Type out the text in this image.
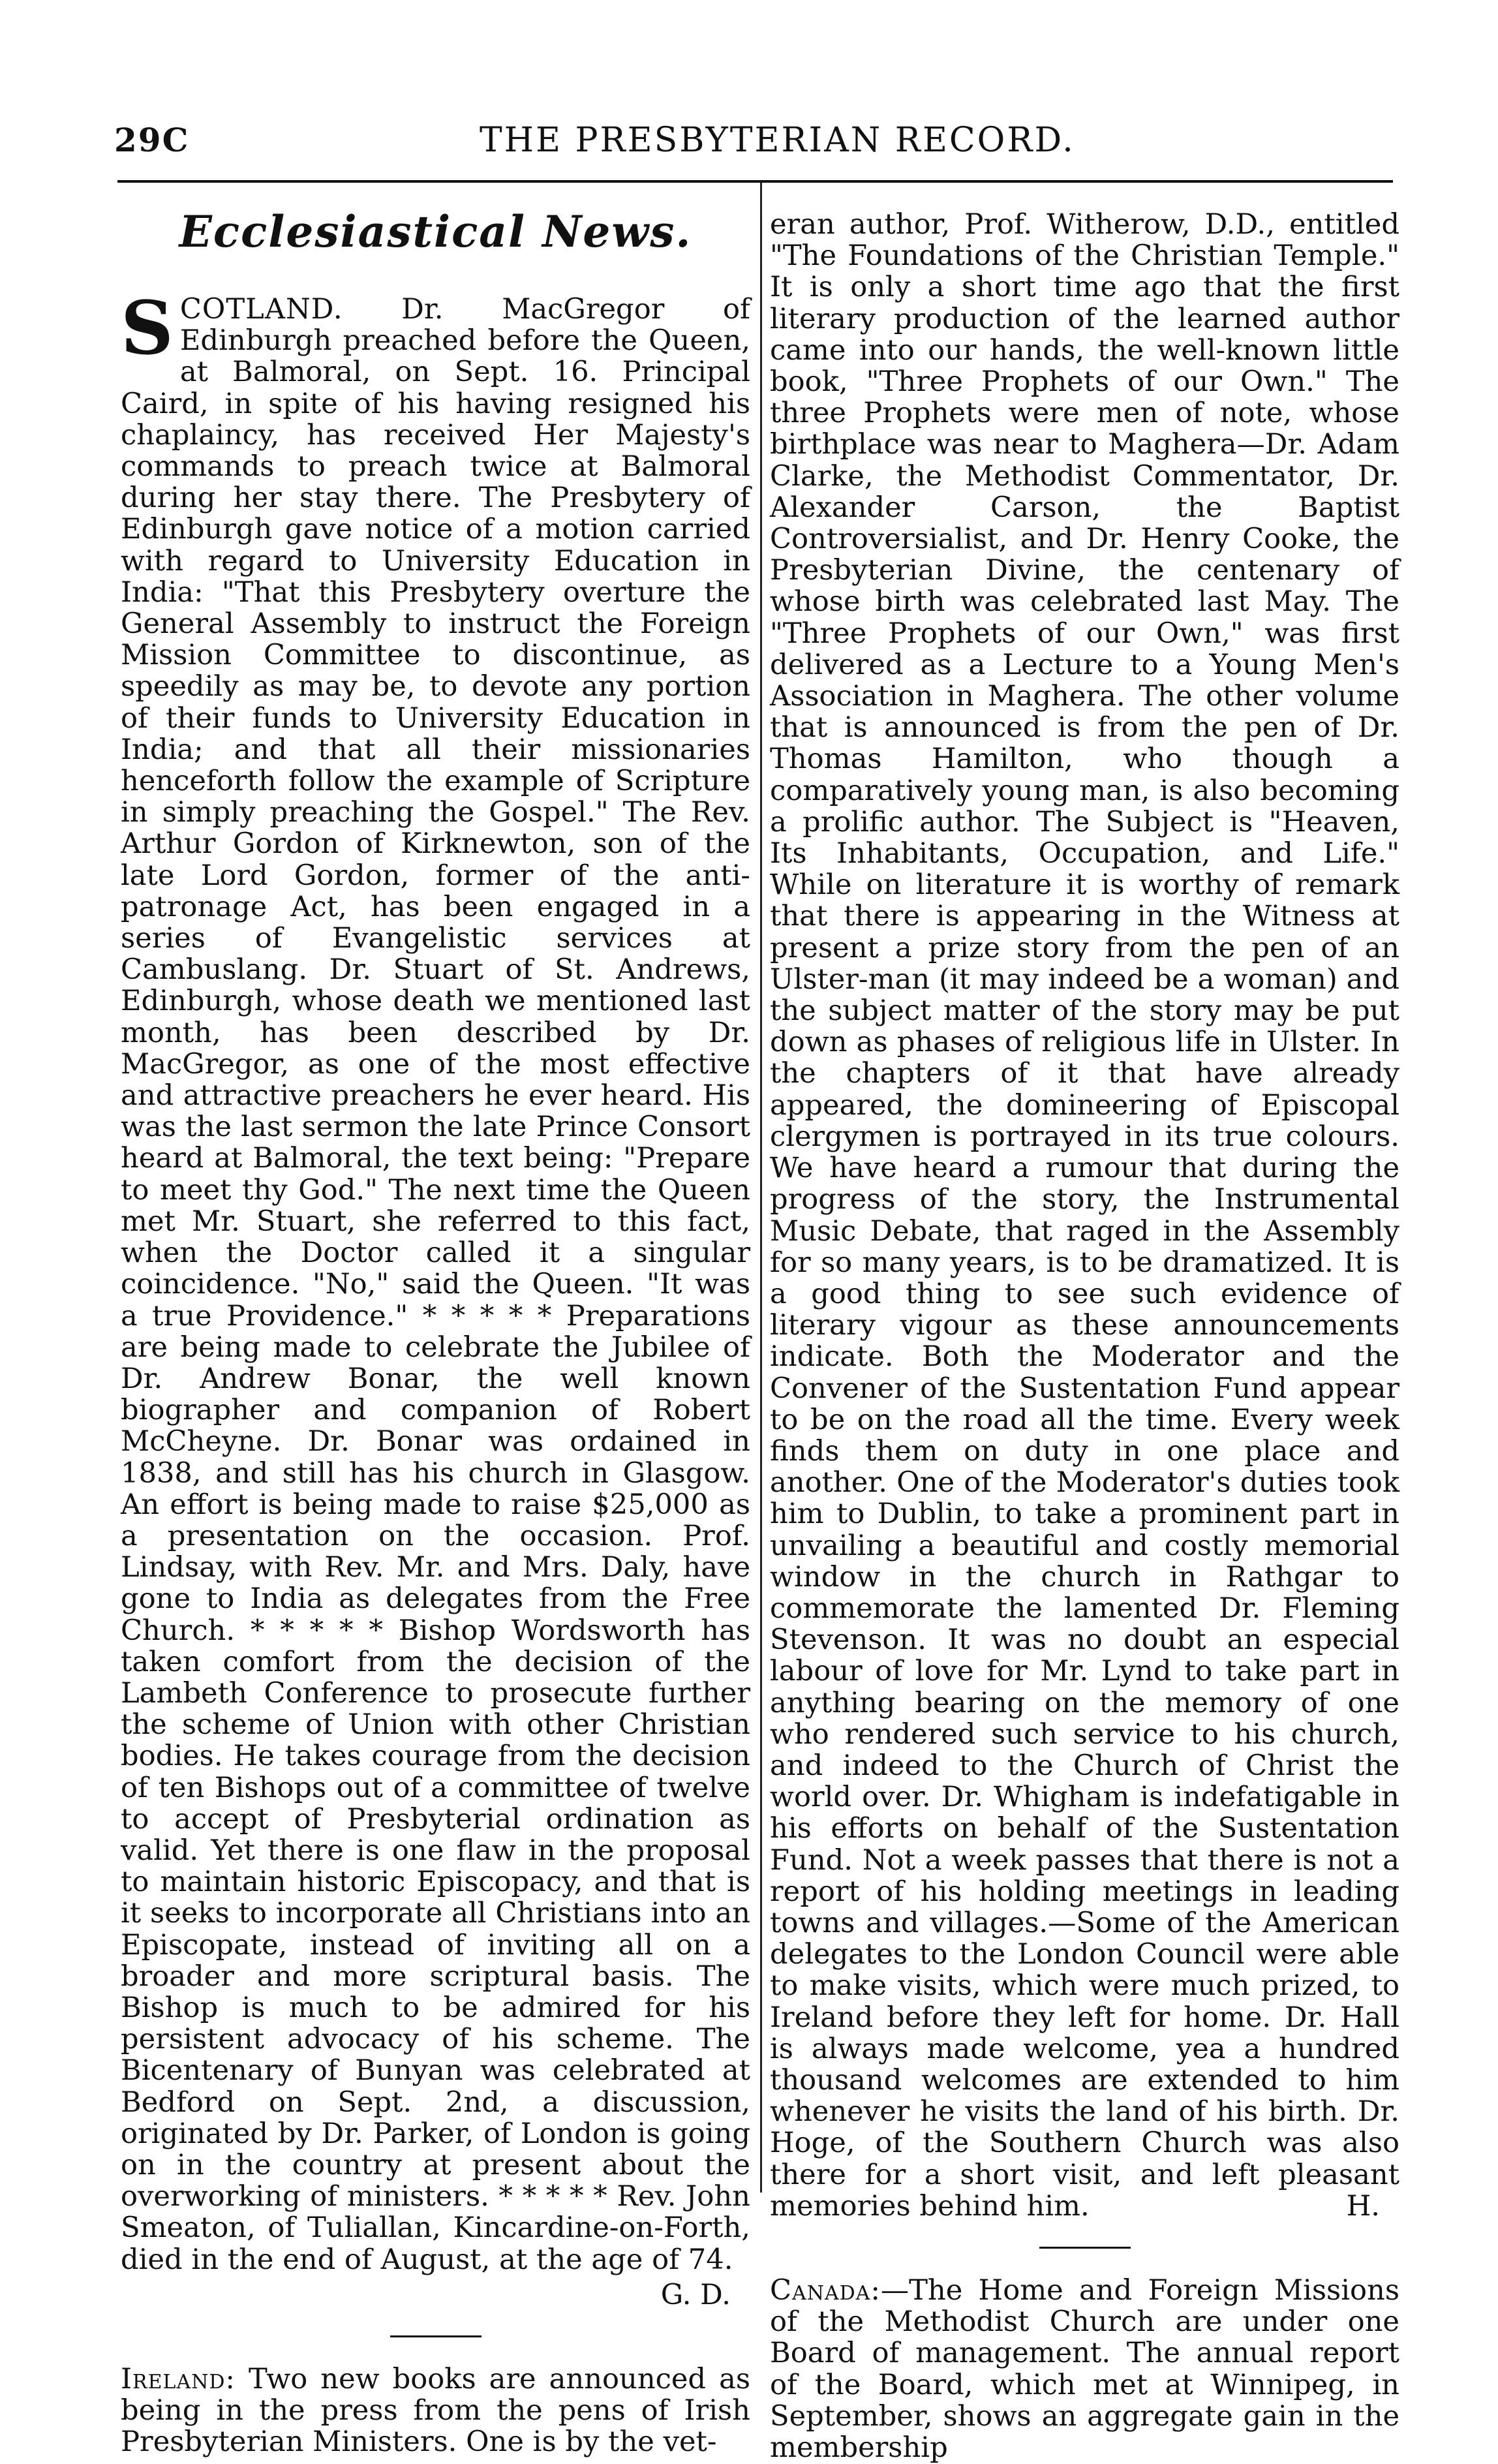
29C	THE PRESBYTERIAN RECORD.
Ecclesiastical News.

SCOTLAND. Dr. MacGregor of Edinburgh preached before the Queen, at Balmoral, on Sept. 16. Principal Caird, in spite of his having resigned his chaplaincy, has received Her Majesty's commands to preach twice at Balmoral during her stay there. The Presbytery of Edinburgh gave notice of a motion carried with regard to University Education in India: "That this Presbytery overture the General Assembly to instruct the Foreign Mission Committee to discontinue, as speedily as may be, to devote any portion of their funds to University Education in India; and that all their missionaries henceforth follow the example of Scripture in simply preaching the Gospel." The Rev. Arthur Gordon of Kirknewton, son of the late Lord Gordon, former of the anti-patronage Act, has been engaged in a series of Evangelistic services at Cambuslang. Dr. Stuart of St. Andrews, Edinburgh, whose death we mentioned last month, has been described by Dr. MacGregor, as one of the most effective and attractive preachers he ever heard. His was the last sermon the late Prince Consort heard at Balmoral, the text being: "Prepare to meet thy God." The next time the Queen met Mr. Stuart, she referred to this fact, when the Doctor called it a singular coincidence. "No," said the Queen. "It was a true Providence." * * * * * Preparations are being made to celebrate the Jubilee of Dr. Andrew Bonar, the well known biographer and companion of Robert McCheyne. Dr. Bonar was ordained in 1838, and still has his church in Glasgow. An effort is being made to raise $25,000 as a presentation on the occasion. Prof. Lindsay, with Rev. Mr. and Mrs. Daly, have gone to India as delegates from the Free Church. * * * * * Bishop Wordsworth has taken comfort from the decision of the Lambeth Conference to prosecute further the scheme of Union with other Christian bodies. He takes courage from the decision of ten Bishops out of a committee of twelve to accept of Presbyterial ordination as valid. Yet there is one flaw in the proposal to maintain historic Episcopacy, and that is it seeks to incorporate all Christians into an Episcopate, instead of inviting all on a broader and more scriptural basis. The Bishop is much to be admired for his persistent advocacy of his scheme. The Bicentenary of Bunyan was celebrated at Bedford on Sept. 2nd, a discussion, originated by Dr. Parker, of London is going on in the country at present about the overworking of ministers. * * * * * Rev. John Smeaton, of Tuliallan, Kincardine-on-Forth, died in the end of August, at the age of 74.

G. D.

Ireland: Two new books are announced as being in the press from the pens of Irish Presbyterian Ministers. One is by the vet-

eran author, Prof. Witherow, D.D., entitled "The Foundations of the Christian Temple." It is only a short time ago that the first literary production of the learned author came into our hands, the well-known little book, "Three Prophets of our Own." The three Prophets were men of note, whose birthplace was near to Maghera—Dr. Adam Clarke, the Methodist Commentator, Dr. Alexander Carson, the Baptist Controversialist, and Dr. Henry Cooke, the Presbyterian Divine, the centenary of whose birth was celebrated last May. The "Three Prophets of our Own," was first delivered as a Lecture to a Young Men's Association in Maghera. The other volume that is announced is from the pen of Dr. Thomas Hamilton, who though a comparatively young man, is also becoming a prolific author. The Subject is "Heaven, Its Inhabitants, Occupation, and Life." While on literature it is worthy of remark that there is appearing in the Witness at present a prize story from the pen of an Ulster-man (it may indeed be a woman) and the subject matter of the story may be put down as phases of religious life in Ulster. In the chapters of it that have already appeared, the domineering of Episcopal clergymen is portrayed in its true colours. We have heard a rumour that during the progress of the story, the Instrumental Music Debate, that raged in the Assembly for so many years, is to be dramatized. It is a good thing to see such evidence of literary vigour as these announcements indicate. Both the Moderator and the Convener of the Sustentation Fund appear to be on the road all the time. Every week finds them on duty in one place and another. One of the Moderator's duties took him to Dublin, to take a prominent part in unvailing a beautiful and costly memorial window in the church in Rathgar to commemorate the lamented Dr. Fleming Stevenson. It was no doubt an especial labour of love for Mr. Lynd to take part in anything bearing on the memory of one who rendered such service to his church, and indeed to the Church of Christ the world over. Dr. Whigham is indefatigable in his efforts on behalf of the Sustentation Fund. Not a week passes that there is not a report of his holding meetings in leading towns and villages.—Some of the American delegates to the London Council were able to make visits, which were much prized, to Ireland before they left for home. Dr. Hall is always made welcome, yea a hundred thousand welcomes are extended to him whenever he visits the land of his birth. Dr. Hoge, of the Southern Church was also there for a short visit, and left pleasant memories behind him.	H.

Canada:—The Home and Foreign Missions of the Methodist Church are under one Board of management. The annual report of the Board, which met at Winnipeg, in September, shows an aggregate gain in the membership
